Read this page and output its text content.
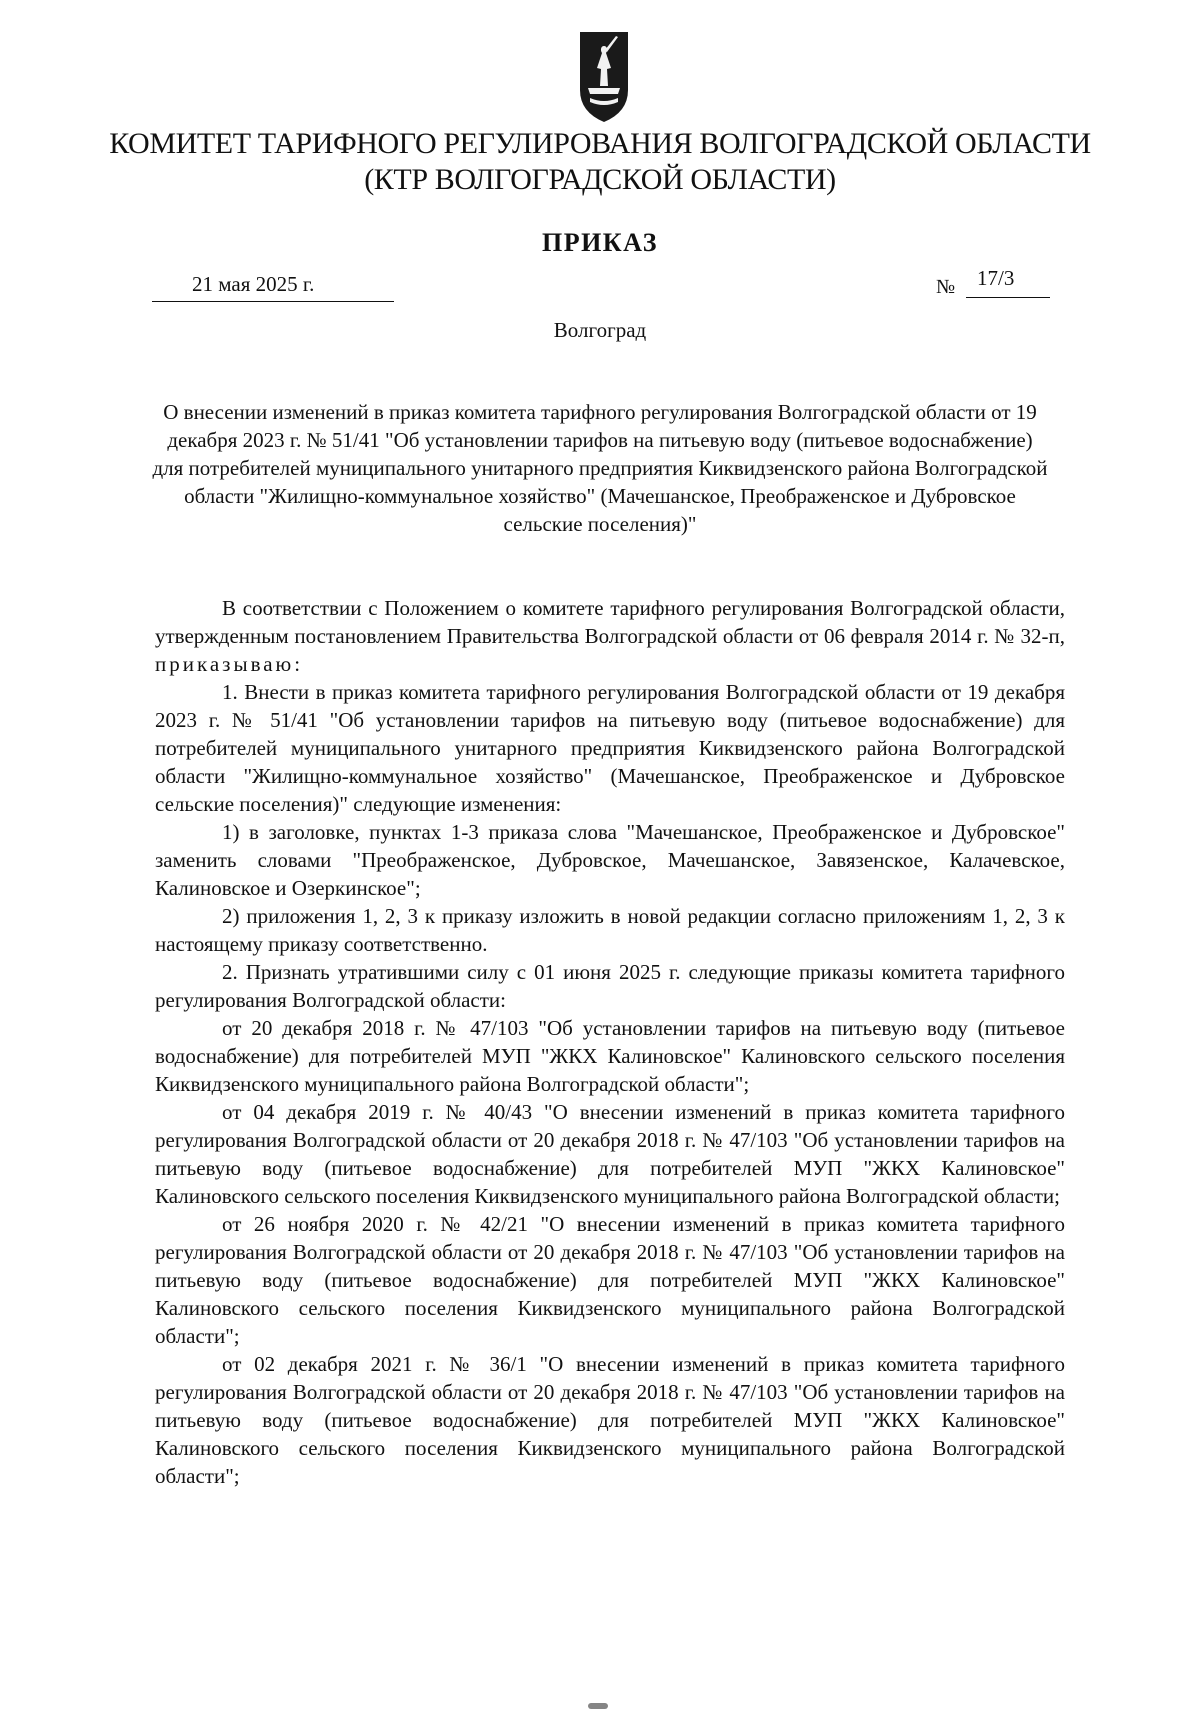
КОМИТЕТ ТАРИФНОГО РЕГУЛИРОВАНИЯ ВОЛГОГРАДСКОЙ ОБЛАСТИ
(КТР ВОЛГОГРАДСКОЙ ОБЛАСТИ)
ПРИКАЗ
21 мая 2025 г.	№ 17/3
Волгоград
О внесении изменений в приказ комитета тарифного регулирования Волгоградской области от 19 декабря 2023 г. № 51/41 "Об установлении тарифов на питьевую воду (питьевое водоснабжение) для потребителей муниципального унитарного предприятия Киквидзенского района Волгоградской области "Жилищно-коммунальное хозяйство" (Мачешанское, Преображенское и Дубровское сельские поселения)"

В соответствии с Положением о комитете тарифного регулирования Волгоградской области, утвержденным постановлением Правительства Волгоградской области от 06 февраля 2014 г. № 32-п, приказываю:

1. Внести в приказ комитета тарифного регулирования Волгоградской области от 19 декабря 2023 г. № 51/41 "Об установлении тарифов на питьевую воду (питьевое водоснабжение) для потребителей муниципального унитарного предприятия Киквидзенского района Волгоградской области "Жилищно-коммунальное хозяйство" (Мачешанское, Преображенское и Дубровское сельские поселения)" следующие изменения:

1) в заголовке, пунктах 1-3 приказа слова "Мачешанское, Преображенское и Дубровское" заменить словами "Преображенское, Дубровское, Мачешанское, Завязенское, Калачевское, Калиновское и Озеркинское";

2) приложения 1, 2, 3 к приказу изложить в новой редакции согласно приложениям 1, 2, 3 к настоящему приказу соответственно.

2. Признать утратившими силу с 01 июня 2025 г. следующие приказы комитета тарифного регулирования Волгоградской области:

от 20 декабря 2018 г. № 47/103 "Об установлении тарифов на питьевую воду (питьевое водоснабжение) для потребителей МУП "ЖКХ Калиновское" Калиновского сельского поселения Киквидзенского муниципального района Волгоградской области";

от 04 декабря 2019 г. № 40/43 "О внесении изменений в приказ комитета тарифного регулирования Волгоградской области от 20 декабря 2018 г. № 47/103 "Об установлении тарифов на питьевую воду (питьевое водоснабжение) для потребителей МУП "ЖКХ Калиновское" Калиновского сельского поселения Киквидзенского муниципального района Волгоградской области;

от 26 ноября 2020 г. № 42/21 "О внесении изменений в приказ комитета тарифного регулирования Волгоградской области от 20 декабря 2018 г. № 47/103 "Об установлении тарифов на питьевую воду (питьевое водоснабжение) для потребителей МУП "ЖКХ Калиновское" Калиновского сельского поселения Киквидзенского муниципального района Волгоградской области";

от 02 декабря 2021 г. № 36/1 "О внесении изменений в приказ комитета тарифного регулирования Волгоградской области от 20 декабря 2018 г. № 47/103 "Об установлении тарифов на питьевую воду (питьевое водоснабжение) для потребителей МУП "ЖКХ Калиновское" Калиновского сельского поселения Киквидзенского муниципального района Волгоградской области";
